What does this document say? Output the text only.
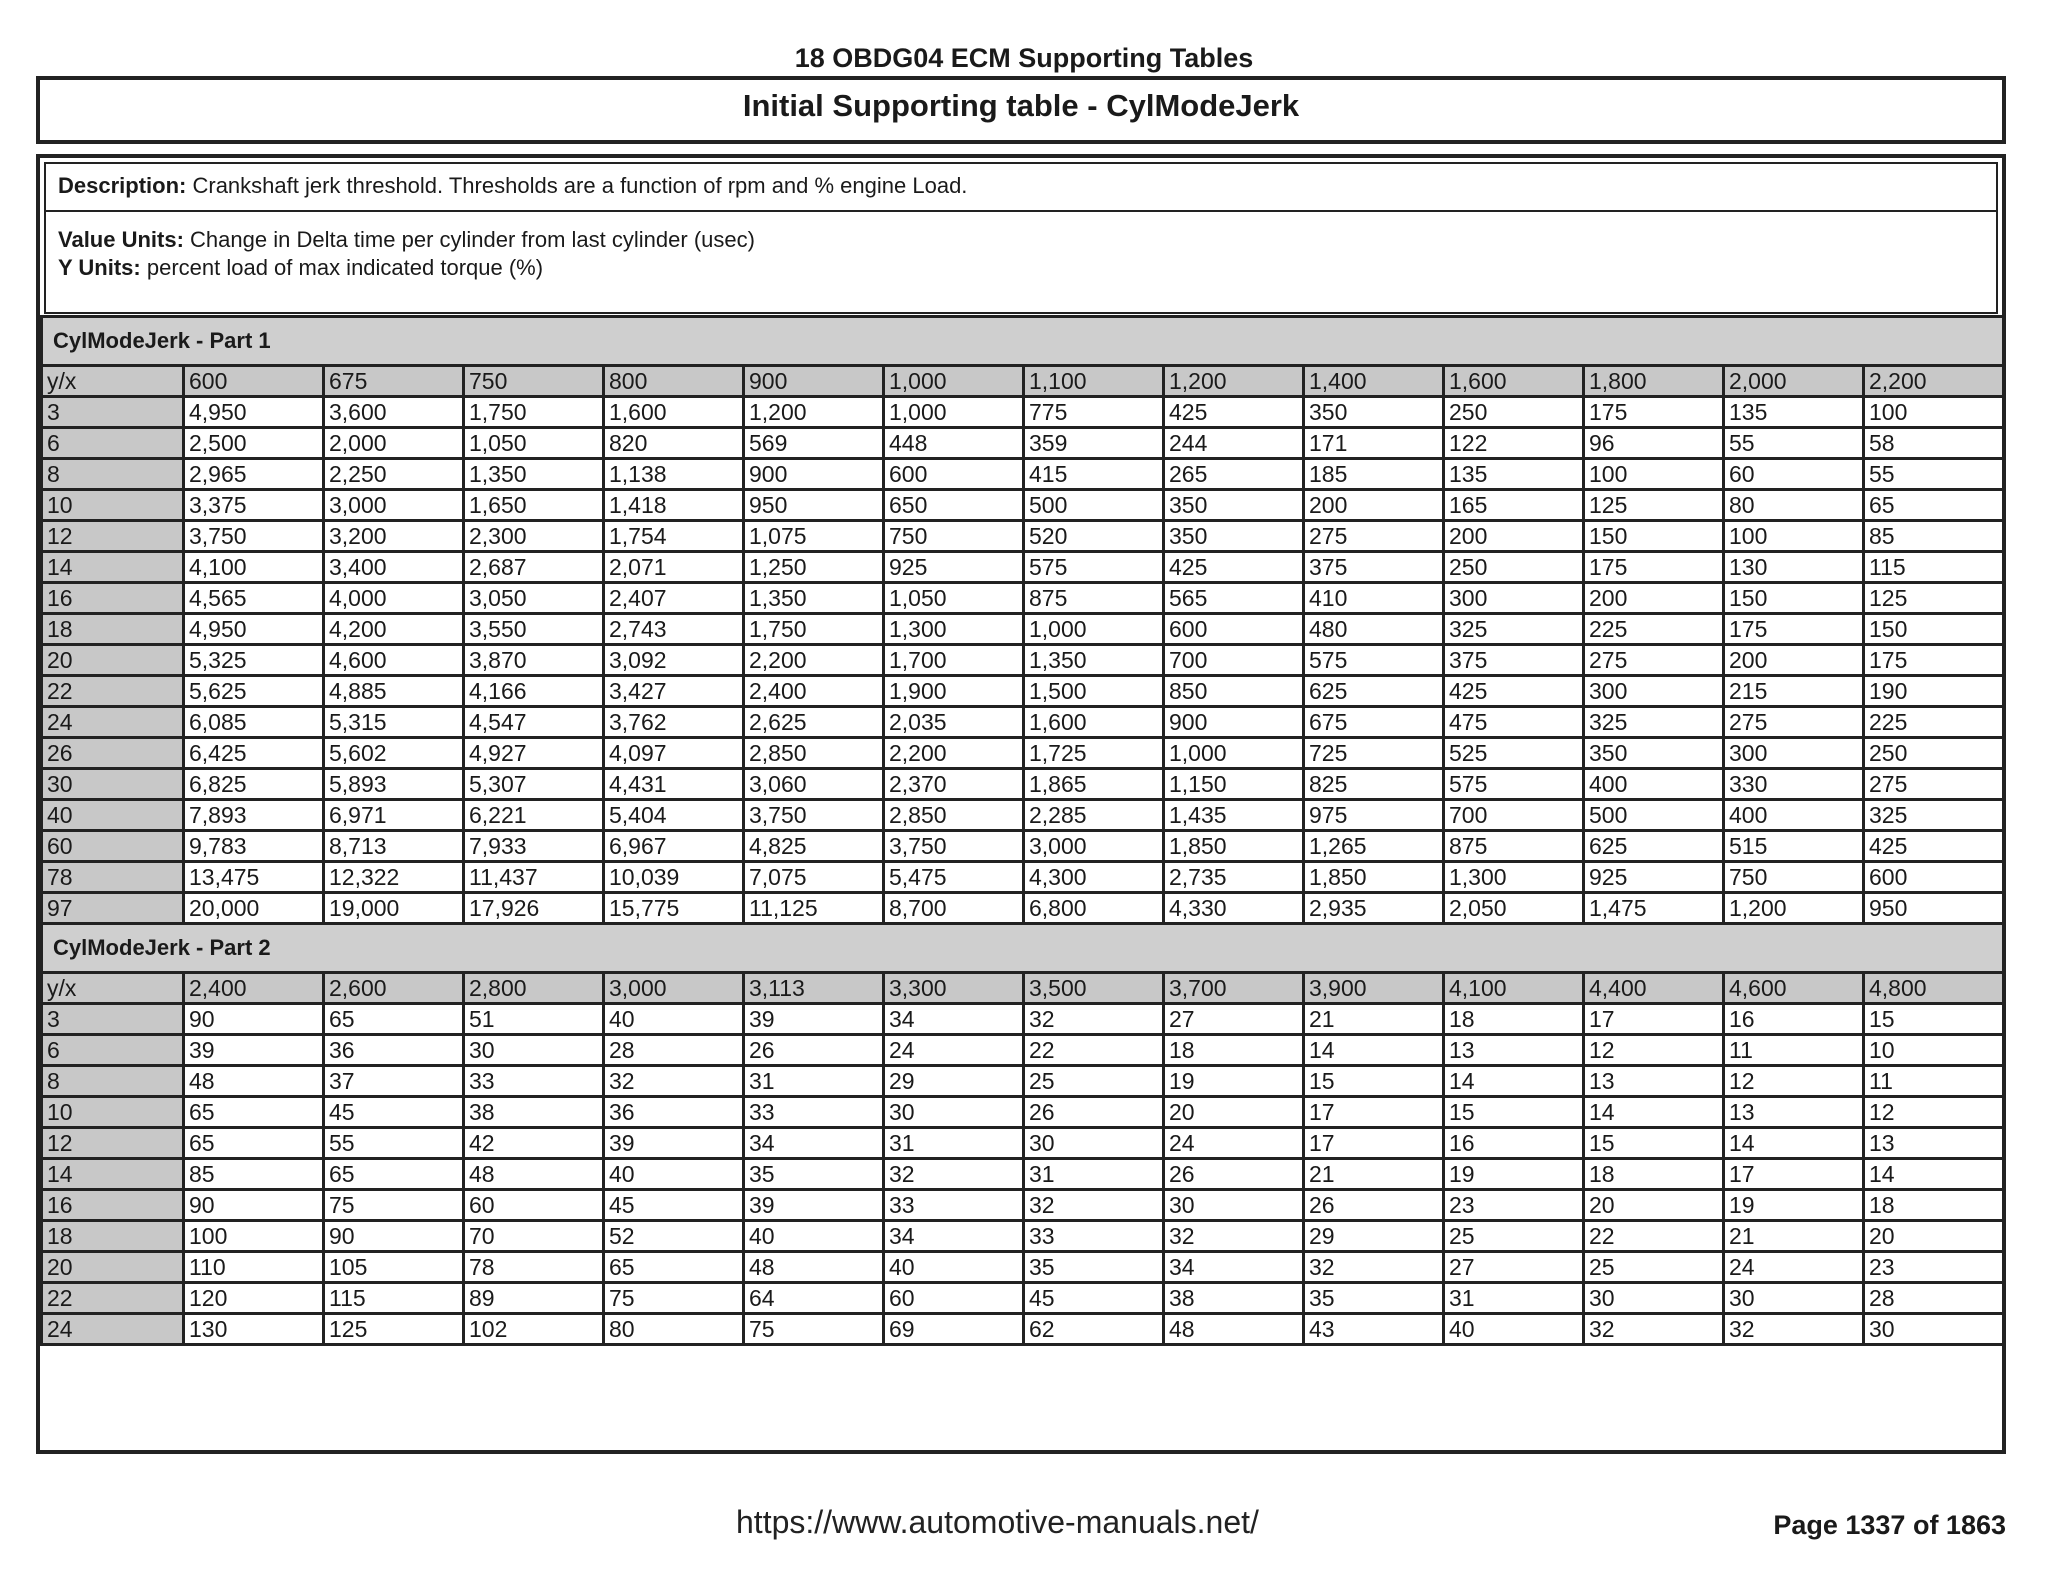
18 OBDG04 ECM Supporting Tables
Initial Supporting table - CylModeJerk
Description: Crankshaft jerk threshold. Thresholds are a function of rpm and % engine Load.
Value Units: Change in Delta time per cylinder from last cylinder (usec)
Y Units: percent load of max indicated torque (%)
CylModeJerk - Part 1													
y/x	600	675	750	800	900	1,000	1,100	1,200	1,400	1,600	1,800	2,000	2,200
3	4,950	3,600	1,750	1,600	1,200	1,000	775	425	350	250	175	135	100
6	2,500	2,000	1,050	820	569	448	359	244	171	122	96	55	58
8	2,965	2,250	1,350	1,138	900	600	415	265	185	135	100	60	55
10	3,375	3,000	1,650	1,418	950	650	500	350	200	165	125	80	65
12	3,750	3,200	2,300	1,754	1,075	750	520	350	275	200	150	100	85
14	4,100	3,400	2,687	2,071	1,250	925	575	425	375	250	175	130	115
16	4,565	4,000	3,050	2,407	1,350	1,050	875	565	410	300	200	150	125
18	4,950	4,200	3,550	2,743	1,750	1,300	1,000	600	480	325	225	175	150
20	5,325	4,600	3,870	3,092	2,200	1,700	1,350	700	575	375	275	200	175
22	5,625	4,885	4,166	3,427	2,400	1,900	1,500	850	625	425	300	215	190
24	6,085	5,315	4,547	3,762	2,625	2,035	1,600	900	675	475	325	275	225
26	6,425	5,602	4,927	4,097	2,850	2,200	1,725	1,000	725	525	350	300	250
30	6,825	5,893	5,307	4,431	3,060	2,370	1,865	1,150	825	575	400	330	275
40	7,893	6,971	6,221	5,404	3,750	2,850	2,285	1,435	975	700	500	400	325
60	9,783	8,713	7,933	6,967	4,825	3,750	3,000	1,850	1,265	875	625	515	425
78	13,475	12,322	11,437	10,039	7,075	5,475	4,300	2,735	1,850	1,300	925	750	600
97	20,000	19,000	17,926	15,775	11,125	8,700	6,800	4,330	2,935	2,050	1,475	1,200	950
CylModeJerk - Part 2													
y/x	2,400	2,600	2,800	3,000	3,113	3,300	3,500	3,700	3,900	4,100	4,400	4,600	4,800
3	90	65	51	40	39	34	32	27	21	18	17	16	15
6	39	36	30	28	26	24	22	18	14	13	12	11	10
8	48	37	33	32	31	29	25	19	15	14	13	12	11
10	65	45	38	36	33	30	26	20	17	15	14	13	12
12	65	55	42	39	34	31	30	24	17	16	15	14	13
14	85	65	48	40	35	32	31	26	21	19	18	17	14
16	90	75	60	45	39	33	32	30	26	23	20	19	18
18	100	90	70	52	40	34	33	32	29	25	22	21	20
20	110	105	78	65	48	40	35	34	32	27	25	24	23
22	120	115	89	75	64	60	45	38	35	31	30	30	28
24	130	125	102	80	75	69	62	48	43	40	32	32	30
https://www.automotive-manuals.net/	Page 1337 of 1863
